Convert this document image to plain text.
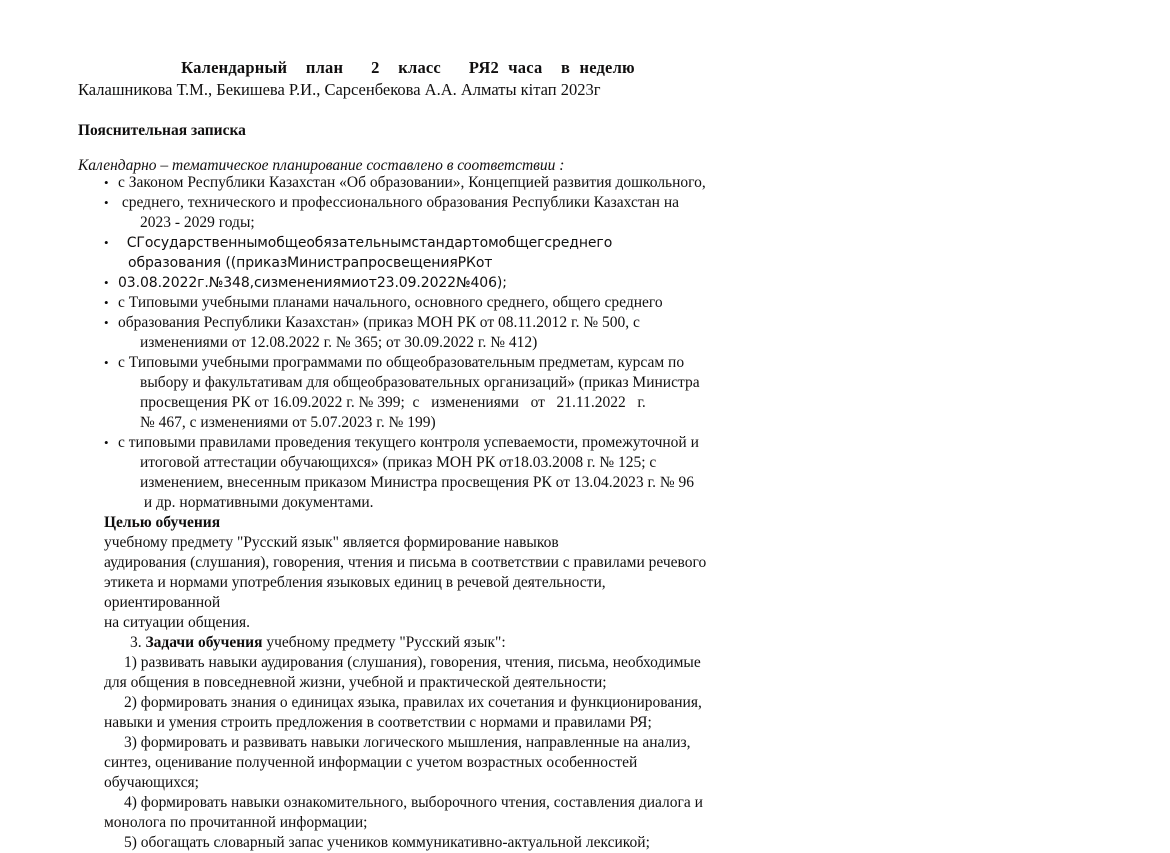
Календарный  план   2  класс   РЯ2 часа  в неделю
Калашникова Т.М., Бекишева Р.И., Сарсенбекова А.А. Алматы кітап 2023г
Пояснительная записка
Календарно – тематическое планирование составлено в соответствии :
• с Законом Республики Казахстан «Об образовании», Концепцией развития дошкольного,
• среднего, технического и профессионального образования Республики Казахстан на
2023 - 2029 годы;
• СГосударственнымобщеобязательнымстандартомобщегсреднего
образования ((приказМинистрапросвещенияРКот
• 03.08.2022г.№348,сизменениямиот23.09.2022№406);
• с Типовыми учебными планами начального, основного среднего, общего среднего
• образования Республики Казахстан» (приказ МОН РК от 08.11.2012 г. № 500, с
изменениями от 12.08.2022 г. № 365; от 30.09.2022 г. № 412)
• с Типовыми учебными программами по общеобразовательным предметам, курсам по
выбору и факультативам для общеобразовательных организаций» (приказ Министра
просвещения РК от 16.09.2022 г. № 399;  с   изменениями   от   21.11.2022   г.
№ 467, с изменениями от 5.07.2023 г. № 199)
• с типовыми правилами проведения текущего контроля успеваемости, промежуточной и
итоговой аттестации обучающихся» (приказ МОН РК от18.03.2008 г. № 125; с
изменением, внесенным приказом Министра просвещения РК от 13.04.2023 г. № 96
и др. нормативными документами.

Целью обучения

учебному предмету "Русский язык" является формирование навыков

аудирования (слушания), говорения, чтения и письма в соответствии с правилами речевого

этикета и нормами употребления языковых единиц в речевой деятельности, ориентированной

на ситуации общения.

3. Задачи обучения учебному предмету "Русский язык":

1) развивать навыки аудирования (слушания), говорения, чтения, письма, необходимые

для общения в повседневной жизни, учебной и практической деятельности;

2) формировать знания о единицах языка, правилах их сочетания и функционирования,

навыки и умения строить предложения в соответствии с нормами и правилами РЯ;

3) формировать и развивать навыки логического мышления, направленные на анализ,

синтез, оценивание полученной информации с учетом возрастных особенностей

обучающихся;

4) формировать навыки ознакомительного, выборочного чтения, составления диалога и

монолога по прочитанной информации;

5) обогащать словарный запас учеников коммуникативно-актуальной лексикой;
